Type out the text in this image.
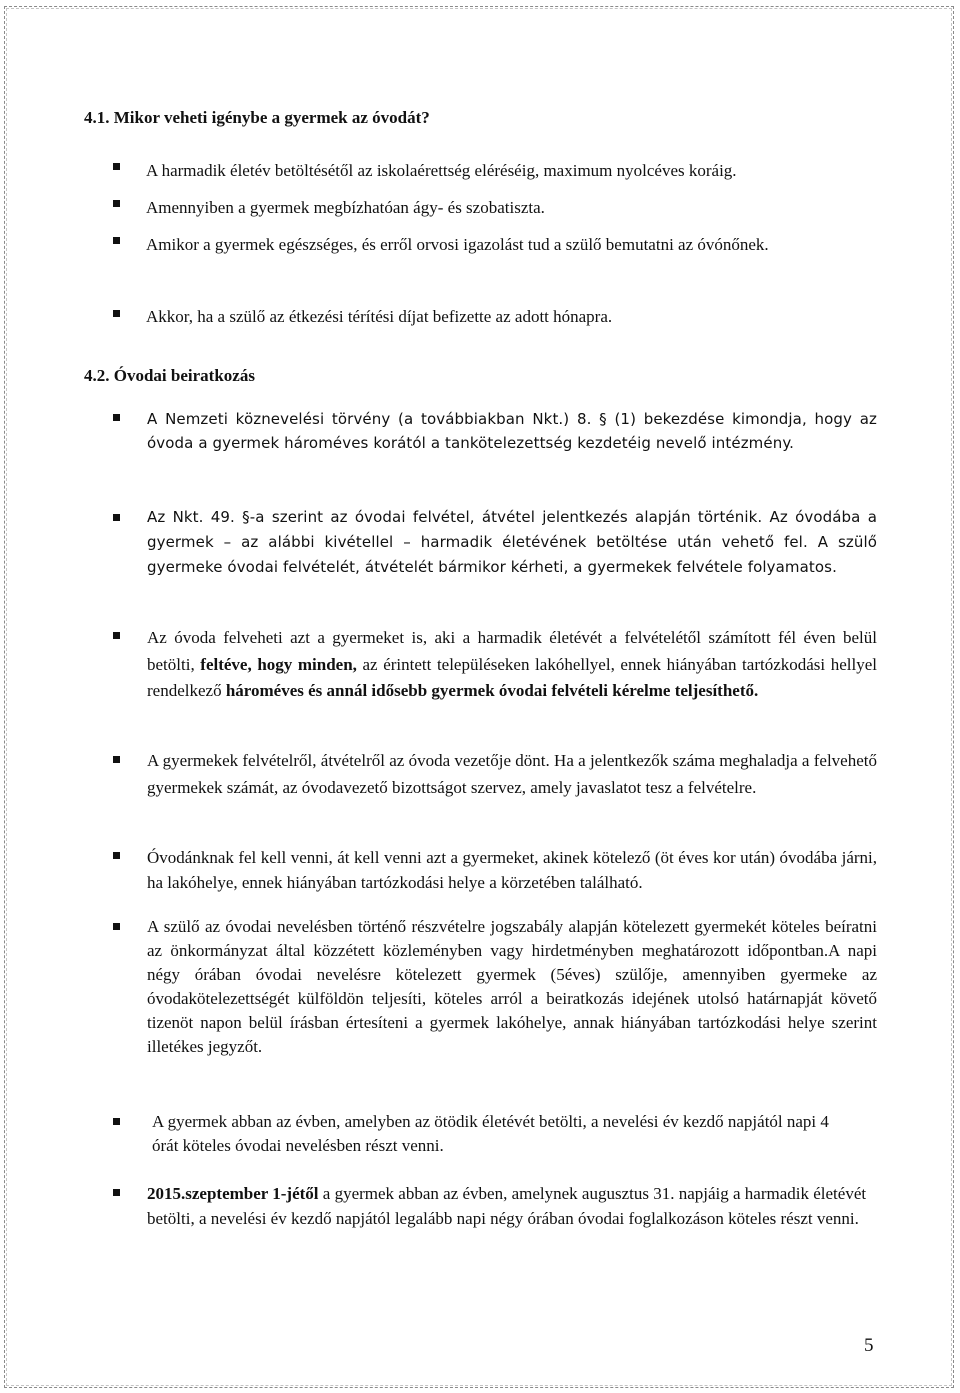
4.1. Mikor veheti igénybe a gyermek az óvodát?
A harmadik életév betöltésétől az iskolaérettség eléréséig, maximum nyolcéves koráig.
Amennyiben a gyermek megbízhatóan ágy- és szobatiszta.
Amikor a gyermek egészséges, és erről orvosi igazolást tud a szülő bemutatni az óvónőnek.
Akkor, ha a szülő az étkezési térítési díjat befizette az adott hónapra.
4.2. Óvodai beiratkozás
A Nemzeti köznevelési törvény (a továbbiakban Nkt.) 8. § (1) bekezdése kimondja, hogy az óvoda a gyermek hároméves korától a tankötelezettség kezdetéig nevelő intézmény.
Az Nkt. 49. §-a szerint az óvodai felvétel, átvétel jelentkezés alapján történik. Az óvodába a gyermek – az alábbi kivétellel – harmadik életévének betöltése után vehető fel. A szülő gyermeke óvodai felvételét, átvételét bármikor kérheti, a gyermekek felvétele folyamatos.
Az óvoda felveheti azt a gyermeket is, aki a harmadik életévét a felvételétől számított fél éven belül betölti, feltéve, hogy minden, az érintett településeken lakóhellyel, ennek hiányában tartózkodási hellyel rendelkező hároméves és annál idősebb gyermek óvodai felvételi kérelme teljesíthető.
A gyermekek felvételről, átvételről az óvoda vezetője dönt. Ha a jelentkezők száma meghaladja a felvehető gyermekek számát, az óvodavezető bizottságot szervez, amely javaslatot tesz a felvételre.
Óvodánknak fel kell venni, át kell venni azt a gyermeket, akinek kötelező (öt éves kor után) óvodába járni, ha lakóhelye, ennek hiányában tartózkodási helye a körzetében található.
A szülő az óvodai nevelésben történő részvételre jogszabály alapján kötelezett gyermekét köteles beíratni az önkormányzat által közzétett közleményben vagy hirdetményben meghatározott időpontban.A napi négy órában óvodai nevelésre kötelezett gyermek (5éves) szülője, amennyiben gyermeke az óvodakötelezettségét külföldön teljesíti, köteles arról a beiratkozás idejének utolsó határnapját követő tizenöt napon belül írásban értesíteni a gyermek lakóhelye, annak hiányában tartózkodási helye szerint illetékes jegyzőt.
A gyermek abban az évben, amelyben az ötödik életévét betölti, a nevelési év kezdő napjától napi 4 órát köteles óvodai nevelésben részt venni.
2015.szeptember 1-jétől a gyermek abban az évben, amelynek augusztus 31. napjáig a harmadik életévét betölti, a nevelési év kezdő napjától legalább napi négy órában óvodai foglalkozáson köteles részt venni.
5
